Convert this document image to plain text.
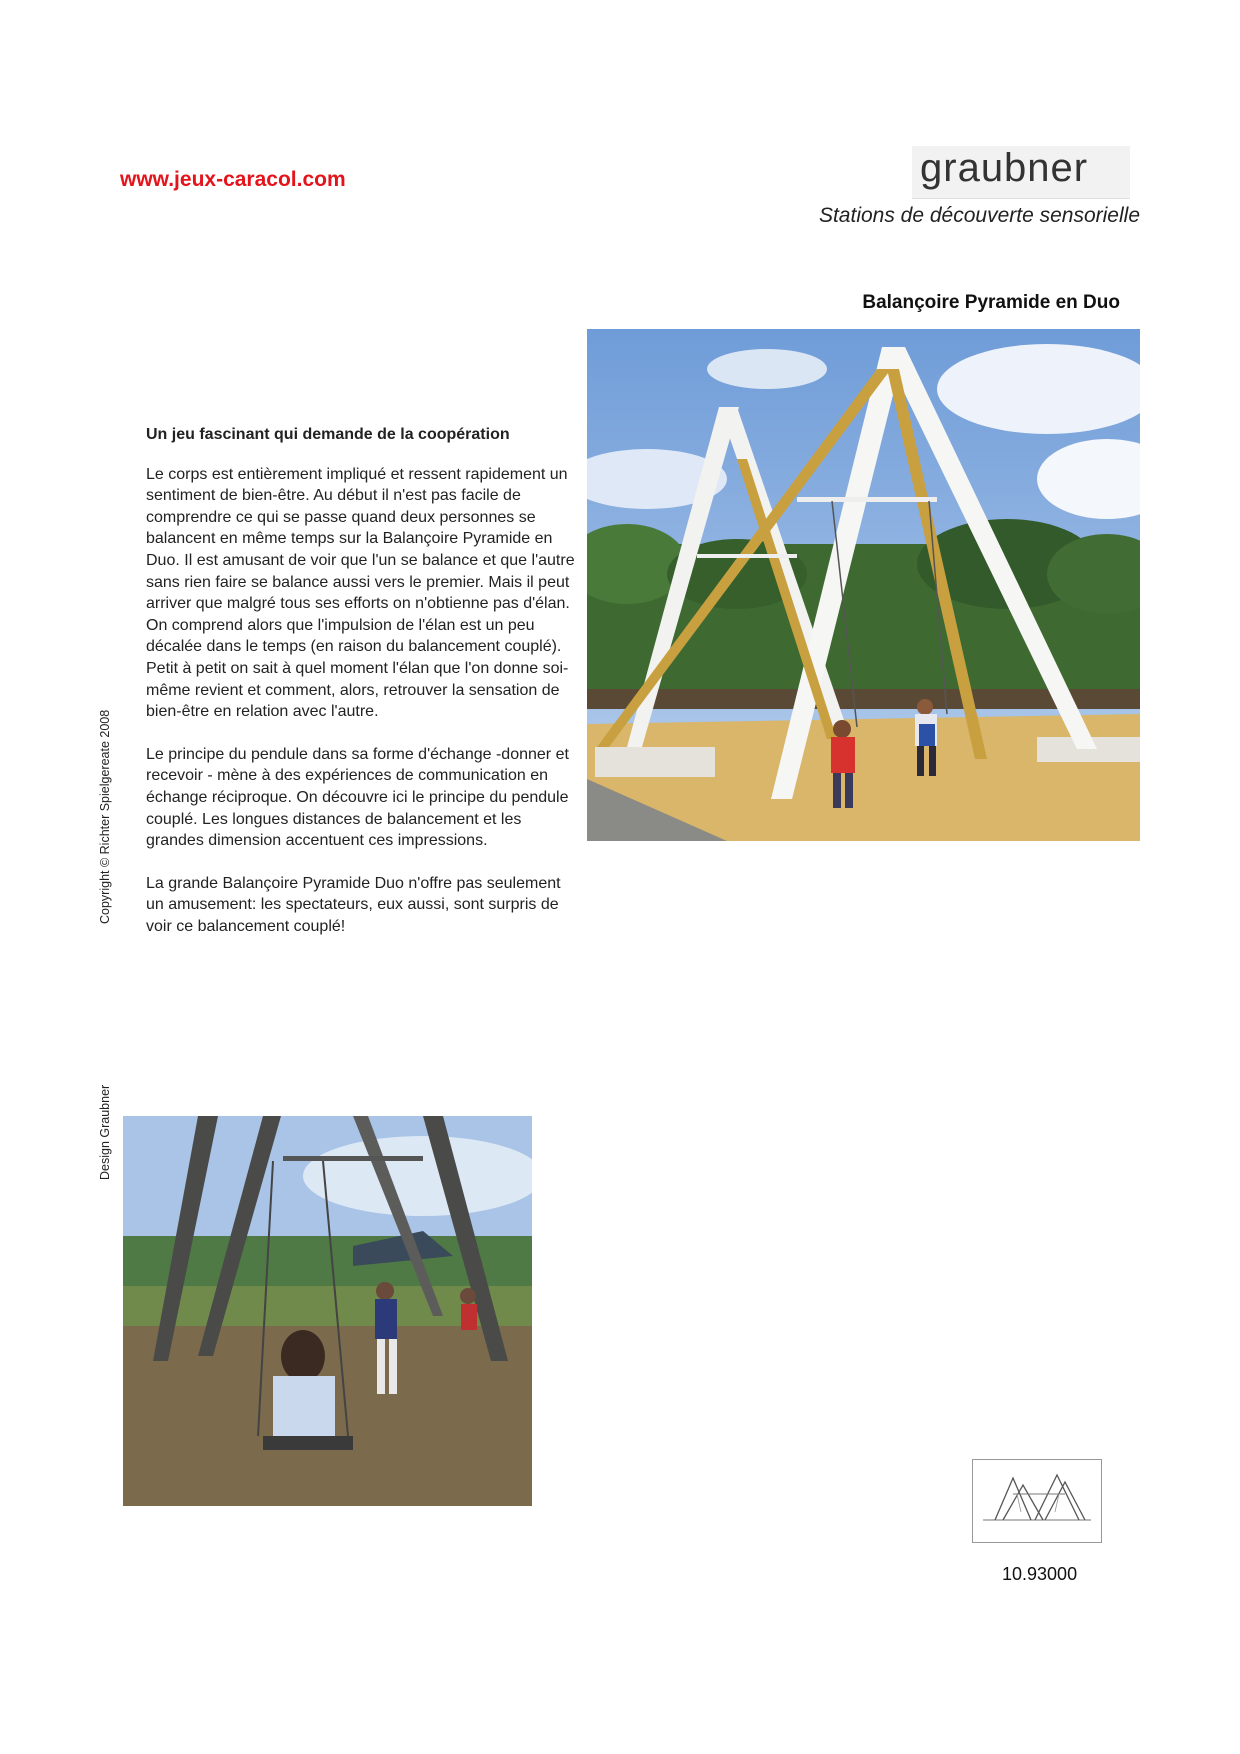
www.jeux-caracol.com	graubner
Stations de découverte sensorielle
Balançoire Pyramide en Duo
Un jeu fascinant qui demande de la coopération

Le corps est entièrement impliqué et ressent rapidement un sentiment de bien-être. Au début il n'est pas facile de comprendre ce qui se passe quand deux personnes se balancent en même temps sur la Balançoire Pyramide en Duo. Il est amusant de voir que l'un se balance et que l'autre sans rien faire se balance aussi vers le premier. Mais il peut arriver que malgré tous ses efforts on n'obtienne pas d'élan. On comprend alors que l'impulsion de l'élan est un peu décalée dans le temps (en raison du balancement couplé). Petit à petit on sait à quel moment l'élan que l'on donne soi-même revient et comment, alors, retrouver la sensation de bien-être en relation avec l'autre.

Le principe du pendule dans sa forme d'échange -donner et recevoir - mène à des expériences de communication en échange réciproque. On découvre ici le principe du pendule couplé. Les longues distances de balancement et les grandes dimension accentuent ces impressions.

La grande Balançoire Pyramide Duo n'offre pas seulement un amusement: les spectateurs, eux aussi, sont surpris de voir ce balancement couplé!

Copyright © Richter Spielgereate 2008
Design Graubner
10.93000
